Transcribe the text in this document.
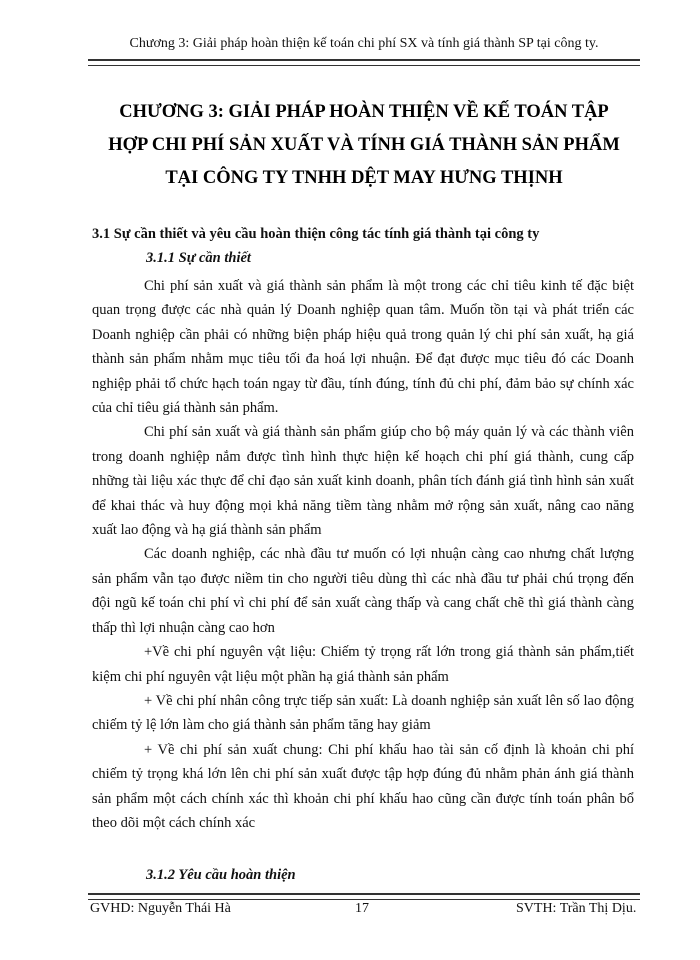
Chương 3: Giải pháp hoàn thiện kế toán chi phí SX và tính giá thành SP tại công ty.
CHƯƠNG 3: GIẢI PHÁP HOÀN THIỆN VỀ KẾ TOÁN TẬP
HỢP CHI PHÍ SẢN XUẤT VÀ TÍNH GIÁ THÀNH SẢN PHẨM
TẠI CÔNG TY TNHH DỆT MAY HƯNG THỊNH
3.1 Sự cần thiết và yêu cầu hoàn thiện công tác tính giá thành tại công ty
3.1.1 Sự cần thiết

Chi phí sản xuất và giá thành sản phẩm là một trong các chỉ tiêu kinh tế đặc biệt quan trọng được các nhà quản lý Doanh nghiệp quan tâm. Muốn tồn tại và phát triển các Doanh nghiệp cần phải có những biện pháp hiệu quả trong quản lý chi phí sản xuất, hạ giá thành sản phẩm nhằm mục tiêu tối đa hoá lợi nhuận. Để đạt được mục tiêu đó các Doanh nghiệp phải tổ chức hạch toán ngay từ đầu, tính đúng, tính đủ chi phí, đảm bảo sự chính xác của chỉ tiêu giá thành sản phẩm.

Chi phí sản xuất và giá thành sản phẩm giúp cho bộ máy quản lý và các thành viên trong doanh nghiệp nắm được tình hình thực hiện kế hoạch chi phí giá thành, cung cấp những tài liệu xác thực để chỉ đạo sản xuất kinh doanh, phân tích đánh giá tình hình sản xuất để khai thác và huy động mọi khả năng tiềm tàng nhằm mở rộng sản xuất, nâng cao năng xuất lao động và hạ giá thành sản phẩm

Các doanh nghiệp, các nhà đầu tư muốn có lợi nhuận càng cao nhưng chất lượng sản phẩm vẫn tạo được niềm tin cho người tiêu dùng thì các nhà đầu tư phải chú trọng đến đội ngũ kế toán chi phí vì chi phí để sản xuất càng thấp và cang chất chẽ thì giá thành càng thấp thì lợi nhuận càng cao hơn

+Về chi phí nguyên vật liệu: Chiếm tỷ trọng rất lớn trong giá thành sản phẩm,tiết kiệm chi phí nguyên vật liệu một phần hạ giá thành sản phẩm

+ Về chi phí nhân công trực tiếp sản xuất: Là doanh nghiệp sản xuất lên số lao động chiếm tỷ lệ lớn làm cho giá thành sản phẩm tăng hay giảm

+ Về chi phí sản xuất chung: Chi phí khấu hao tài sản cố định là khoản chi phí chiếm tỷ trọng khá lớn lên chi phí sản xuất được tập hợp đúng đủ nhằm phản ánh giá thành sản phẩm một cách chính xác thì khoản chi phí khấu hao cũng cần được tính toán phân bổ theo dõi một cách chính xác

3.1.2 Yêu cầu hoàn thiện
GVHD: Nguyễn Thái Hà	17	SVTH: Trần Thị Dịu.
